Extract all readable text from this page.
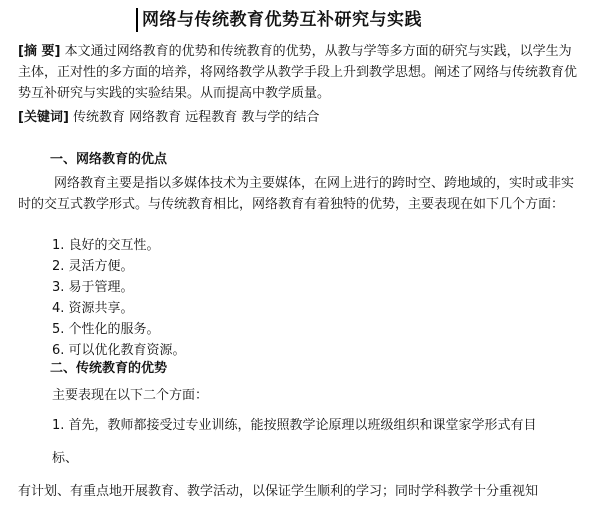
网络与传统教育优势互补研究与实践
[摘 要] 本文通过网络教育的优势和传统教育的优势，从教与学等多方面的研究与实践，以学生为主体，正对性的多方面的培养，将网络教学从教学手段上升到教学思想。阐述了网络与传统教育优势互补研究与实践的实验结果。从而提高中教学质量。
[关键词] 传统教育 网络教育 远程教育 教与学的结合
一、网络教育的优点
网络教育主要是指以多媒体技术为主要媒体，在网上进行的跨时空、跨地域的，实时或非实时的交互式教学形式。与传统教育相比，网络教育有着独特的优势，主要表现在如下几个方面：
1. 良好的交互性。
2. 灵活方便。
3. 易于管理。
4. 资源共享。
5. 个性化的服务。
6. 可以优化教育资源。
二、传统教育的优势
主要表现在以下二个方面：
1. 首先，教师都接受过专业训练，能按照教学论原理以班级组织和课堂家学形式有目
标、
有计划、有重点地开展教育、教学活动，以保证学生顺利的学习；同时学科教学十分重视知
